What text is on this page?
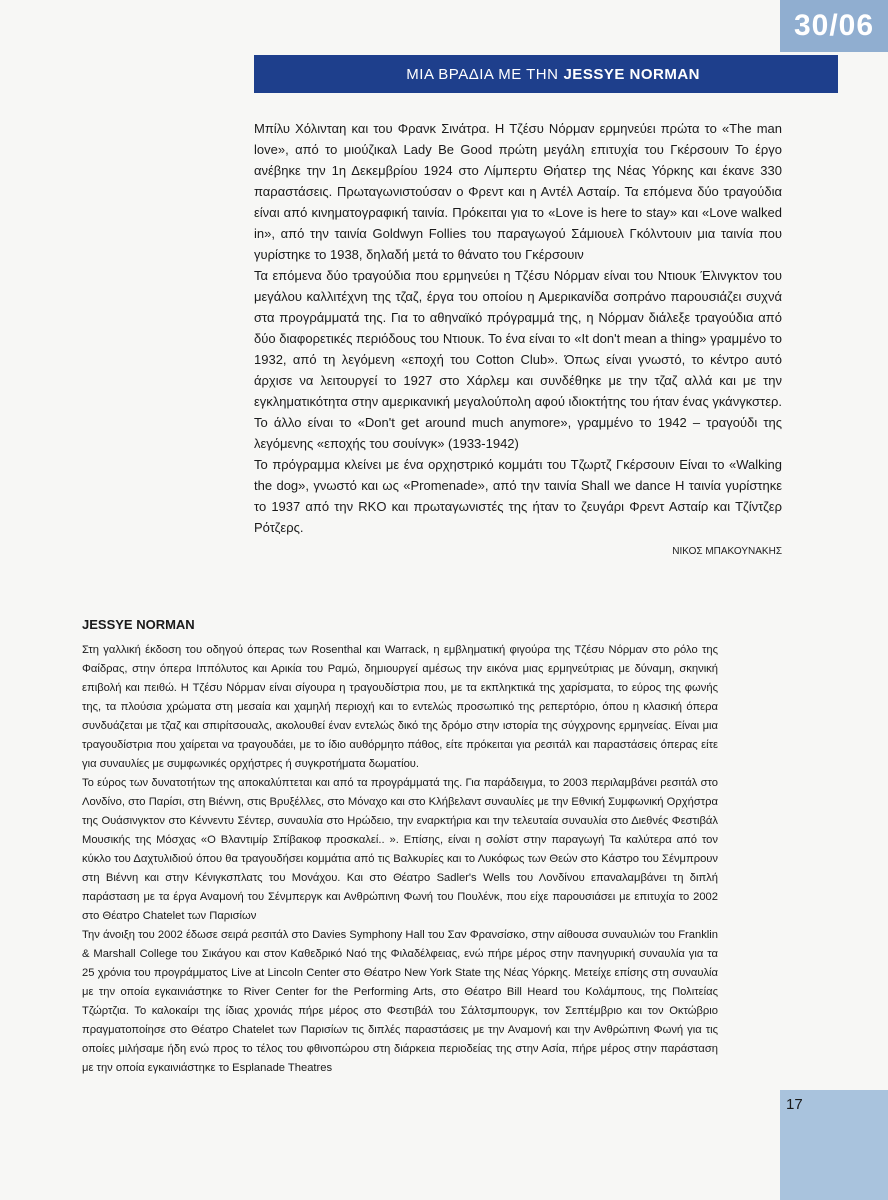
30/06
ΜΙΑ ΒΡΑΔΙΑ ΜΕ ΤΗΝ JESSYE NORMAN

Μπίλυ Χόλινταη και του Φρανκ Σινάτρα. Η Τζέσυ Νόρμαν ερμηνεύει πρώτα το «The man love», από το μιούζικαλ Lady Be Good πρώτη μεγάλη επιτυχία του Γκέρσουιν Το έργο ανέβηκε την 1η Δεκεμβρίου 1924 στο Λίμπερτυ Θήατερ της Νέας Υόρκης και έκανε 330 παραστάσεις. Πρωταγωνιστούσαν ο Φρεντ και η Αντέλ Ασταίρ. Τα επόμενα δύο τραγούδια είναι από κινηματογραφική ταινία. Πρόκειται για το «Love is here to stay» και «Love walked in», από την ταινία Goldwyn Follies του παραγωγού Σάμιουελ Γκόλντουιν μια ταινία που γυρίστηκε το 1938, δηλαδή μετά το θάνατο του Γκέρσουιν

Τα επόμενα δύο τραγούδια που ερμηνεύει η Τζέσυ Νόρμαν είναι του Ντιουκ Έλινγκτον του μεγάλου καλλιτέχνη της τζαζ, έργα του οποίου η Αμερικανίδα σοπράνο παρουσιάζει συχνά στα προγράμματά της. Για το αθηναϊκό πρόγραμμά της, η Νόρμαν διάλεξε τραγούδια από δύο διαφορετικές περιόδους του Ντιουκ. Το ένα είναι το «It don't mean a thing» γραμμένο το 1932, από τη λεγόμενη «εποχή του Cotton Club». Όπως είναι γνωστό, το κέντρο αυτό άρχισε να λειτουργεί το 1927 στο Χάρλεμ και συνδέθηκε με την τζαζ αλλά και με την εγκληματικότητα στην αμερικανική μεγαλούπολη αφού ιδιοκτήτης του ήταν ένας γκάνγκστερ. Το άλλο είναι το «Don't get around much anymore», γραμμένο το 1942 – τραγούδι της λεγόμενης «εποχής του σουίνγκ» (1933-1942)

Το πρόγραμμα κλείνει με ένα ορχηστρικό κομμάτι του Τζωρτζ Γκέρσουιν Είναι το «Walking the dog», γνωστό και ως «Promenade», από την ταινία Shall we dance Η ταινία γυρίστηκε το 1937 από την RKO και πρωταγωνιστές της ήταν το ζευγάρι Φρεντ Ασταίρ και Τζίντζερ Ρότζερς.

ΝΙΚΟΣ ΜΠΑΚΟΥΝΑΚΗΣ
JESSYE NORMAN

Στη γαλλική έκδοση του οδηγού όπερας των Rosenthal και Warrack, η εμβληματική φιγούρα της Τζέσυ Νόρμαν στο ρόλο της Φαίδρας, στην όπερα Ιππόλυτος και Αρικία του Ραμώ, δημιουργεί αμέσως την εικόνα μιας ερμηνεύτριας με δύναμη, σκηνική επιβολή και πειθώ. Η Τζέσυ Νόρμαν είναι σίγουρα η τραγουδίστρια που, με τα εκπληκτικά της χαρίσματα, το εύρος της φωνής της, τα πλούσια χρώματα στη μεσαία και χαμηλή περιοχή και το εντελώς προσωπικό της ρεπερτόριο, όπου η κλασική όπερα συνδυάζεται με τζαζ και σπιρίτσουαλς, ακολουθεί έναν εντελώς δικό της δρόμο στην ιστορία της σύγχρονης ερμηνείας. Είναι μια τραγουδίστρια που χαίρεται να τραγουδάει, με το ίδιο αυθόρμητο πάθος, είτε πρόκειται για ρεσιτάλ και παραστάσεις όπερας είτε για συναυλίες με συμφωνικές ορχήστρες ή συγκροτήματα δωματίου.

Το εύρος των δυνατοτήτων της αποκαλύπτεται και από τα προγράμματά της. Για παράδειγμα, το 2003 περιλαμβάνει ρεσιτάλ στο Λονδίνο, στο Παρίσι, στη Βιέννη, στις Βρυξέλλες, στο Μόναχο και στο Κλήβελαντ συναυλίες με την Εθνική Συμφωνική Ορχήστρα της Ουάσινγκτον στο Κέννεντυ Σέντερ, συναυλία στο Ηρώδειο, την εναρκτήρια και την τελευταία συναυλία στο Διεθνές Φεστιβάλ Μουσικής της Μόσχας «Ο Βλαντιμίρ Σπίβακοφ προσκαλεί.. ». Επίσης, είναι η σολίστ στην παραγωγή Τα καλύτερα από τον κύκλο του Δαχτυλιδιού όπου θα τραγουδήσει κομμάτια από τις Βαλκυρίες και το Λυκόφως των Θεών στο Κάστρο του Σένμπρουν στη Βιέννη και στην Κένιγκσπλατς του Μονάχου. Και στο Θέατρο Sadler's Wells του Λονδίνου επαναλαμβάνει τη διπλή παράσταση με τα έργα Αναμονή του Σένμπεργκ και Ανθρώπινη Φωνή του Πουλένκ, που είχε παρουσιάσει με επιτυχία το 2002 στο Θέατρο Chatelet των Παρισίων

Την άνοιξη του 2002 έδωσε σειρά ρεσιτάλ στο Davies Symphony Hall του Σαν Φρανσίσκο, στην αίθουσα συναυλιών του Franklin & Marshall College του Σικάγου και στον Καθεδρικό Ναό της Φιλαδέλφειας, ενώ πήρε μέρος στην πανηγυρική συναυλία για τα 25 χρόνια του προγράμματος Live at Lincoln Center στο Θέατρο New York State της Νέας Υόρκης. Μετείχε επίσης στη συναυλία με την οποία εγκαινιάστηκε το River Center for the Performing Arts, στο Θέατρο Bill Heard του Κολάμπους, της Πολιτείας Τζώρτζια. Το καλοκαίρι της ίδιας χρονιάς πήρε μέρος στο Φεστιβάλ του Σάλτσμπουργκ, τον Σεπτέμβριο και τον Οκτώβριο πραγματοποίησε στο Θέατρο Chatelet των Παρισίων τις διπλές παραστάσεις με την Αναμονή και την Ανθρώπινη Φωνή για τις οποίες μιλήσαμε ήδη ενώ προς το τέλος του φθινοπώρου στη διάρκεια περιοδείας της στην Ασία, πήρε μέρος στην παράσταση με την οποία εγκαινιάστηκε το Esplanade Theatres

17
